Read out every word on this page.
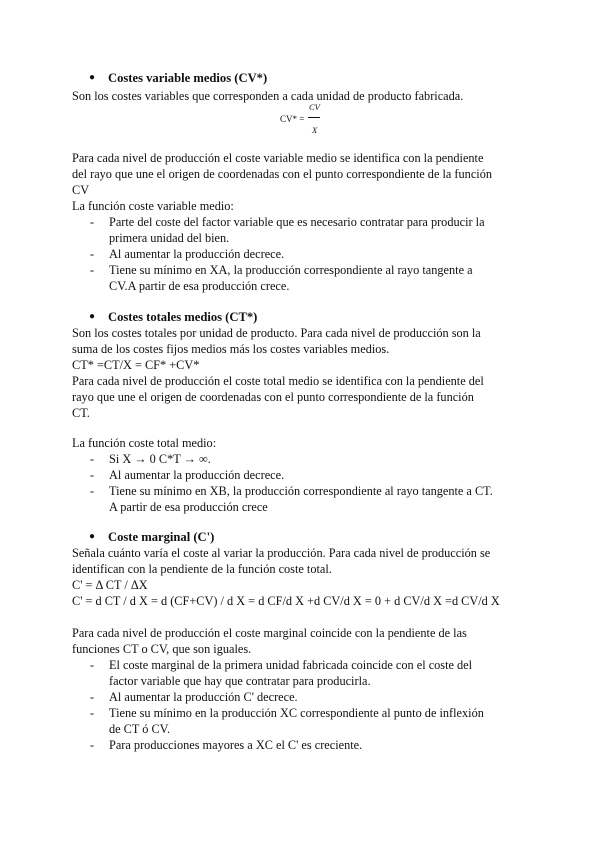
● Costes variable medios (CV*)
Son los costes variables que corresponden a cada unidad de producto fabricada.
CV* =
CV
X
Para cada nivel de producción el coste variable medio se identifica con la pendiente
del rayo que une el origen de coordenadas con el punto correspondiente de la función
CV
La función coste variable medio:
- Parte del coste del factor variable que es necesario contratar para producir la
primera unidad del bien.
- Al aumentar la producción decrece.
- Tiene su mínimo en XA, la producción correspondiente al rayo tangente a
CV.A partir de esa producción crece.
● Costes totales medios (CT*)
Son los costes totales por unidad de producto. Para cada nivel de producción son la
suma de los costes fijos medios más los costes variables medios.
CT* =CT/X = CF* +CV*
Para cada nivel de producción el coste total medio se identifica con la pendiente del
rayo que une el origen de coordenadas con el punto correspondiente de la función
CT.
La función coste total medio:
- Si X → 0 C*T → ∞.
- Al aumentar la producción decrece.
- Tiene su mínimo en XB, la producción correspondiente al rayo tangente a CT.
A partir de esa producción crece
● Coste marginal (C')
Señala cuánto varía el coste al variar la producción. Para cada nivel de producción se
identifican con la pendiente de la función coste total.
C' = Δ CT / ΔX
C' = d CT / d X = d (CF+CV) / d X = d CF/d X +d CV/d X = 0 + d CV/d X =d CV/d X
Para cada nivel de producción el coste marginal coincide con la pendiente de las
funciones CT o CV, que son iguales.
- El coste marginal de la primera unidad fabricada coincide con el coste del
factor variable que hay que contratar para producirla.
- Al aumentar la producción C' decrece.
- Tiene su mínimo en la producción XC correspondiente al punto de inflexión
de CT ó CV.
- Para producciones mayores a XC el C' es creciente.
